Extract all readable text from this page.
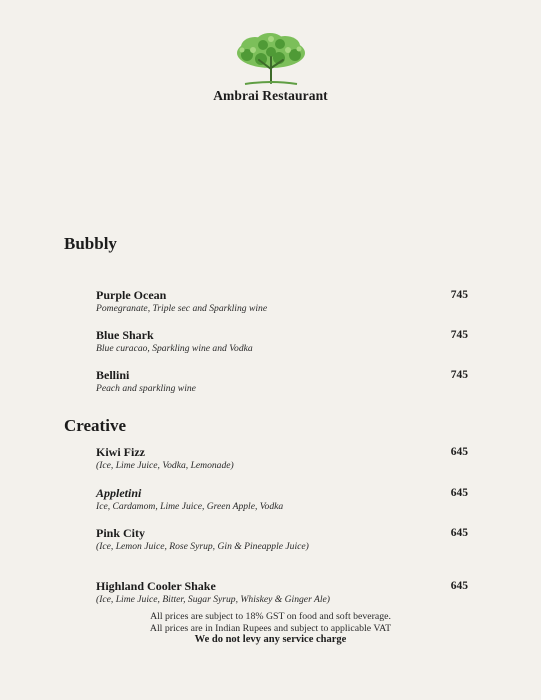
Ambrai Restaurant
Bubbly
Purple Ocean
Pomegranate, Triple sec and Sparkling wine
745
Blue Shark
Blue curacao, Sparkling wine and Vodka
745
Bellini
Peach and sparkling wine
745
Creative
Kiwi Fizz
(Ice, Lime Juice, Vodka, Lemonade)
645
Appletini
Ice, Cardamom, Lime Juice, Green Apple, Vodka
645
Pink City
(Ice, Lemon Juice, Rose Syrup, Gin & Pineapple Juice)
645
Highland Cooler Shake
(Ice, Lime Juice, Bitter, Sugar Syrup, Whiskey & Ginger Ale)
645
All prices are subject to 18% GST on food and soft beverage.
All prices are in Indian Rupees and subject to applicable VAT
We do not levy any service charge
